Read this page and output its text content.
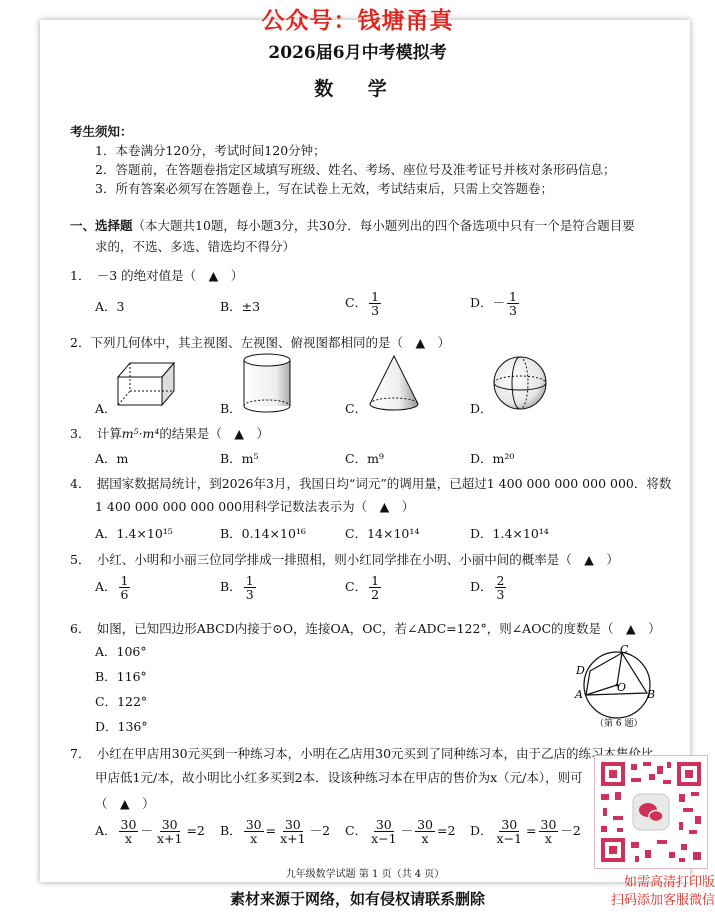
公众号：钱塘甬真
2026届6月中考模拟考
数 学
考生须知：
1．本卷满分120分，考试时间120分钟；
2．答题前，在答题卷指定区域填写班级、姓名、考场、座位号及准考证号并核对条形码信息；
3．所有答案必须写在答题卷上，写在试卷上无效，考试结束后，只需上交答题卷；
一、选择题（本大题共10题，每小题3分，共30分．每小题列出的四个备选项中只有一个是符合题目要
求的，不选、多选、错选均不得分）
1．　－3 的绝对值是（　▲　）
A．3	B．±3	C． $\frac{1}{3}$	D．－ $\frac{1}{3}$
2．下列几何体中，其主视图、左视图、俯视图都相同的是（　▲　）
A．	B．	C．	D．
3．　计算m⁵·m⁴的结果是（　▲　）
A．m	B．m⁵	C．m⁹	D．m²⁰
4．　据国家数据局统计，到2026年3月，我国日均“词元”的调用量，已超过1 400 000 000 000 000．将数
1 400 000 000 000 000用科学记数法表示为（　▲　）
A．1.4×10¹⁵	B．0.14×10¹⁶	C．14×10¹⁴	D．1.4×10¹⁴
5．　小红、小明和小丽三位同学排成一排照相，则小红同学排在小明、小丽中间的概率是（　▲　）
A． $\frac{1}{6}$	B． $\frac{1}{3}$	C． $\frac{1}{2}$	D． $\frac{2}{3}$
6．　如图，已知四边形ABCD内接于⊙O，连接OA，OC，若∠ADC=122°，则∠AOC的度数是（　▲　）
A．106°
B．116°
C．122°
D．136°
C
D
A	B
O
（第 6 题）
7．　小红在甲店用30元买到一种练习本，小明在乙店用30元买到了同种练习本，由于乙店的练习本售价比
甲店低1元/本，故小明比小红多买到2本．设该种练习本在甲店的售价为x（元/本），则可
（　▲　）
A． $\frac{30}{x} - \frac{30}{x+1} =2$ B． $\frac{30}{x} = \frac{30}{x+1} -2$ C． $\frac{30}{x-1} - \frac{30}{x} =2$ D． $\frac{30}{x-1} = \frac{30}{x} -2$
九年级数学试题 第 1 页（共 4 页）
素材来源于网络，如有侵权请联系删除
如需高清打印版
扫码添加客服微信
